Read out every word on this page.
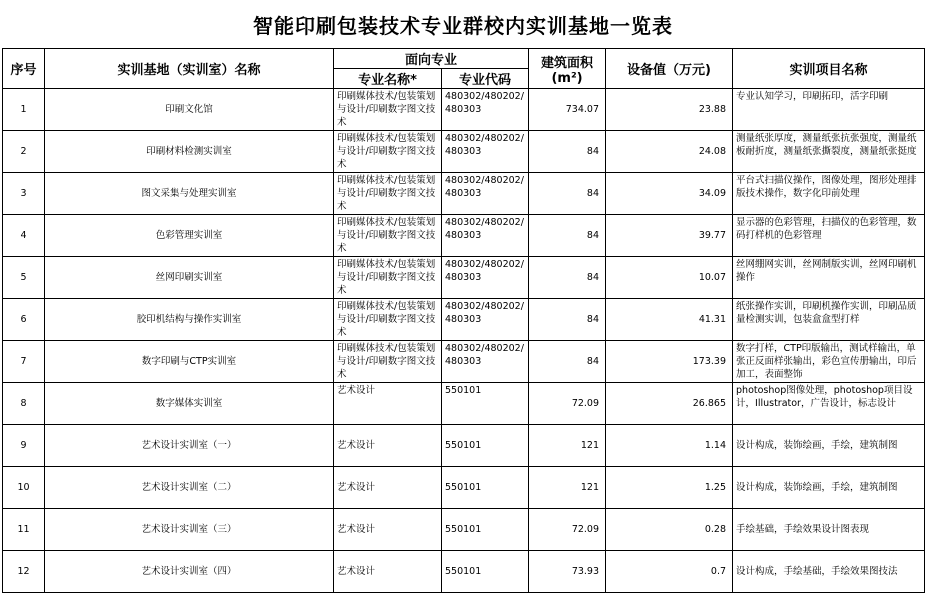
智能印刷包装技术专业群校内实训基地一览表
序号	实训基地（实训室）名称	面向专业		建筑面积(m²)	设备值（万元)	实训项目名称
		专业名称*	专业代码			
1	印刷文化馆	印刷媒体技术/包装策划与设计/印刷数字图文技术	480302/480202/480303	734.07	23.88	专业认知学习，印刷拓印，活字印刷
2	印刷材料检测实训室	印刷媒体技术/包装策划与设计/印刷数字图文技术	480302/480202/480303	84	24.08	测量纸张厚度，测量纸张抗张强度，测量纸板耐折度，测量纸张撕裂度，测量纸张挺度
3	图文采集与处理实训室	印刷媒体技术/包装策划与设计/印刷数字图文技术	480302/480202/480303	84	34.09	平台式扫描仪操作，图像处理，图形处理排版技术操作，数字化印前处理
4	色彩管理实训室	印刷媒体技术/包装策划与设计/印刷数字图文技术	480302/480202/480303	84	39.77	显示器的色彩管理，扫描仪的色彩管理，数码打样机的色彩管理
5	丝网印刷实训室	印刷媒体技术/包装策划与设计/印刷数字图文技术	480302/480202/480303	84	10.07	丝网绷网实训，丝网制版实训，丝网印刷机操作
6	胶印机结构与操作实训室	印刷媒体技术/包装策划与设计/印刷数字图文技术	480302/480202/480303	84	41.31	纸张操作实训，印刷机操作实训，印刷品质量检测实训，包装盒盒型打样
7	数字印刷与CTP实训室	印刷媒体技术/包装策划与设计/印刷数字图文技术	480302/480202/480303	84	173.39	数字打样，CTP印版输出，测试样输出，单张正反面样张输出，彩色宣传册输出，印后加工，表面整饰
8	数字媒体实训室	艺术设计	550101	72.09	26.865	photoshop图像处理，photoshop项目设计，Illustrator，广告设计，标志设计
9	艺术设计实训室（一）	艺术设计	550101	121	1.14	设计构成，装饰绘画，手绘，建筑制图
10	艺术设计实训室（二）	艺术设计	550101	121	1.25	设计构成，装饰绘画，手绘，建筑制图
11	艺术设计实训室（三）	艺术设计	550101	72.09	0.28	手绘基础，手绘效果设计图表现
12	艺术设计实训室（四）	艺术设计	550101	73.93	0.7	设计构成，手绘基础，手绘效果图技法
